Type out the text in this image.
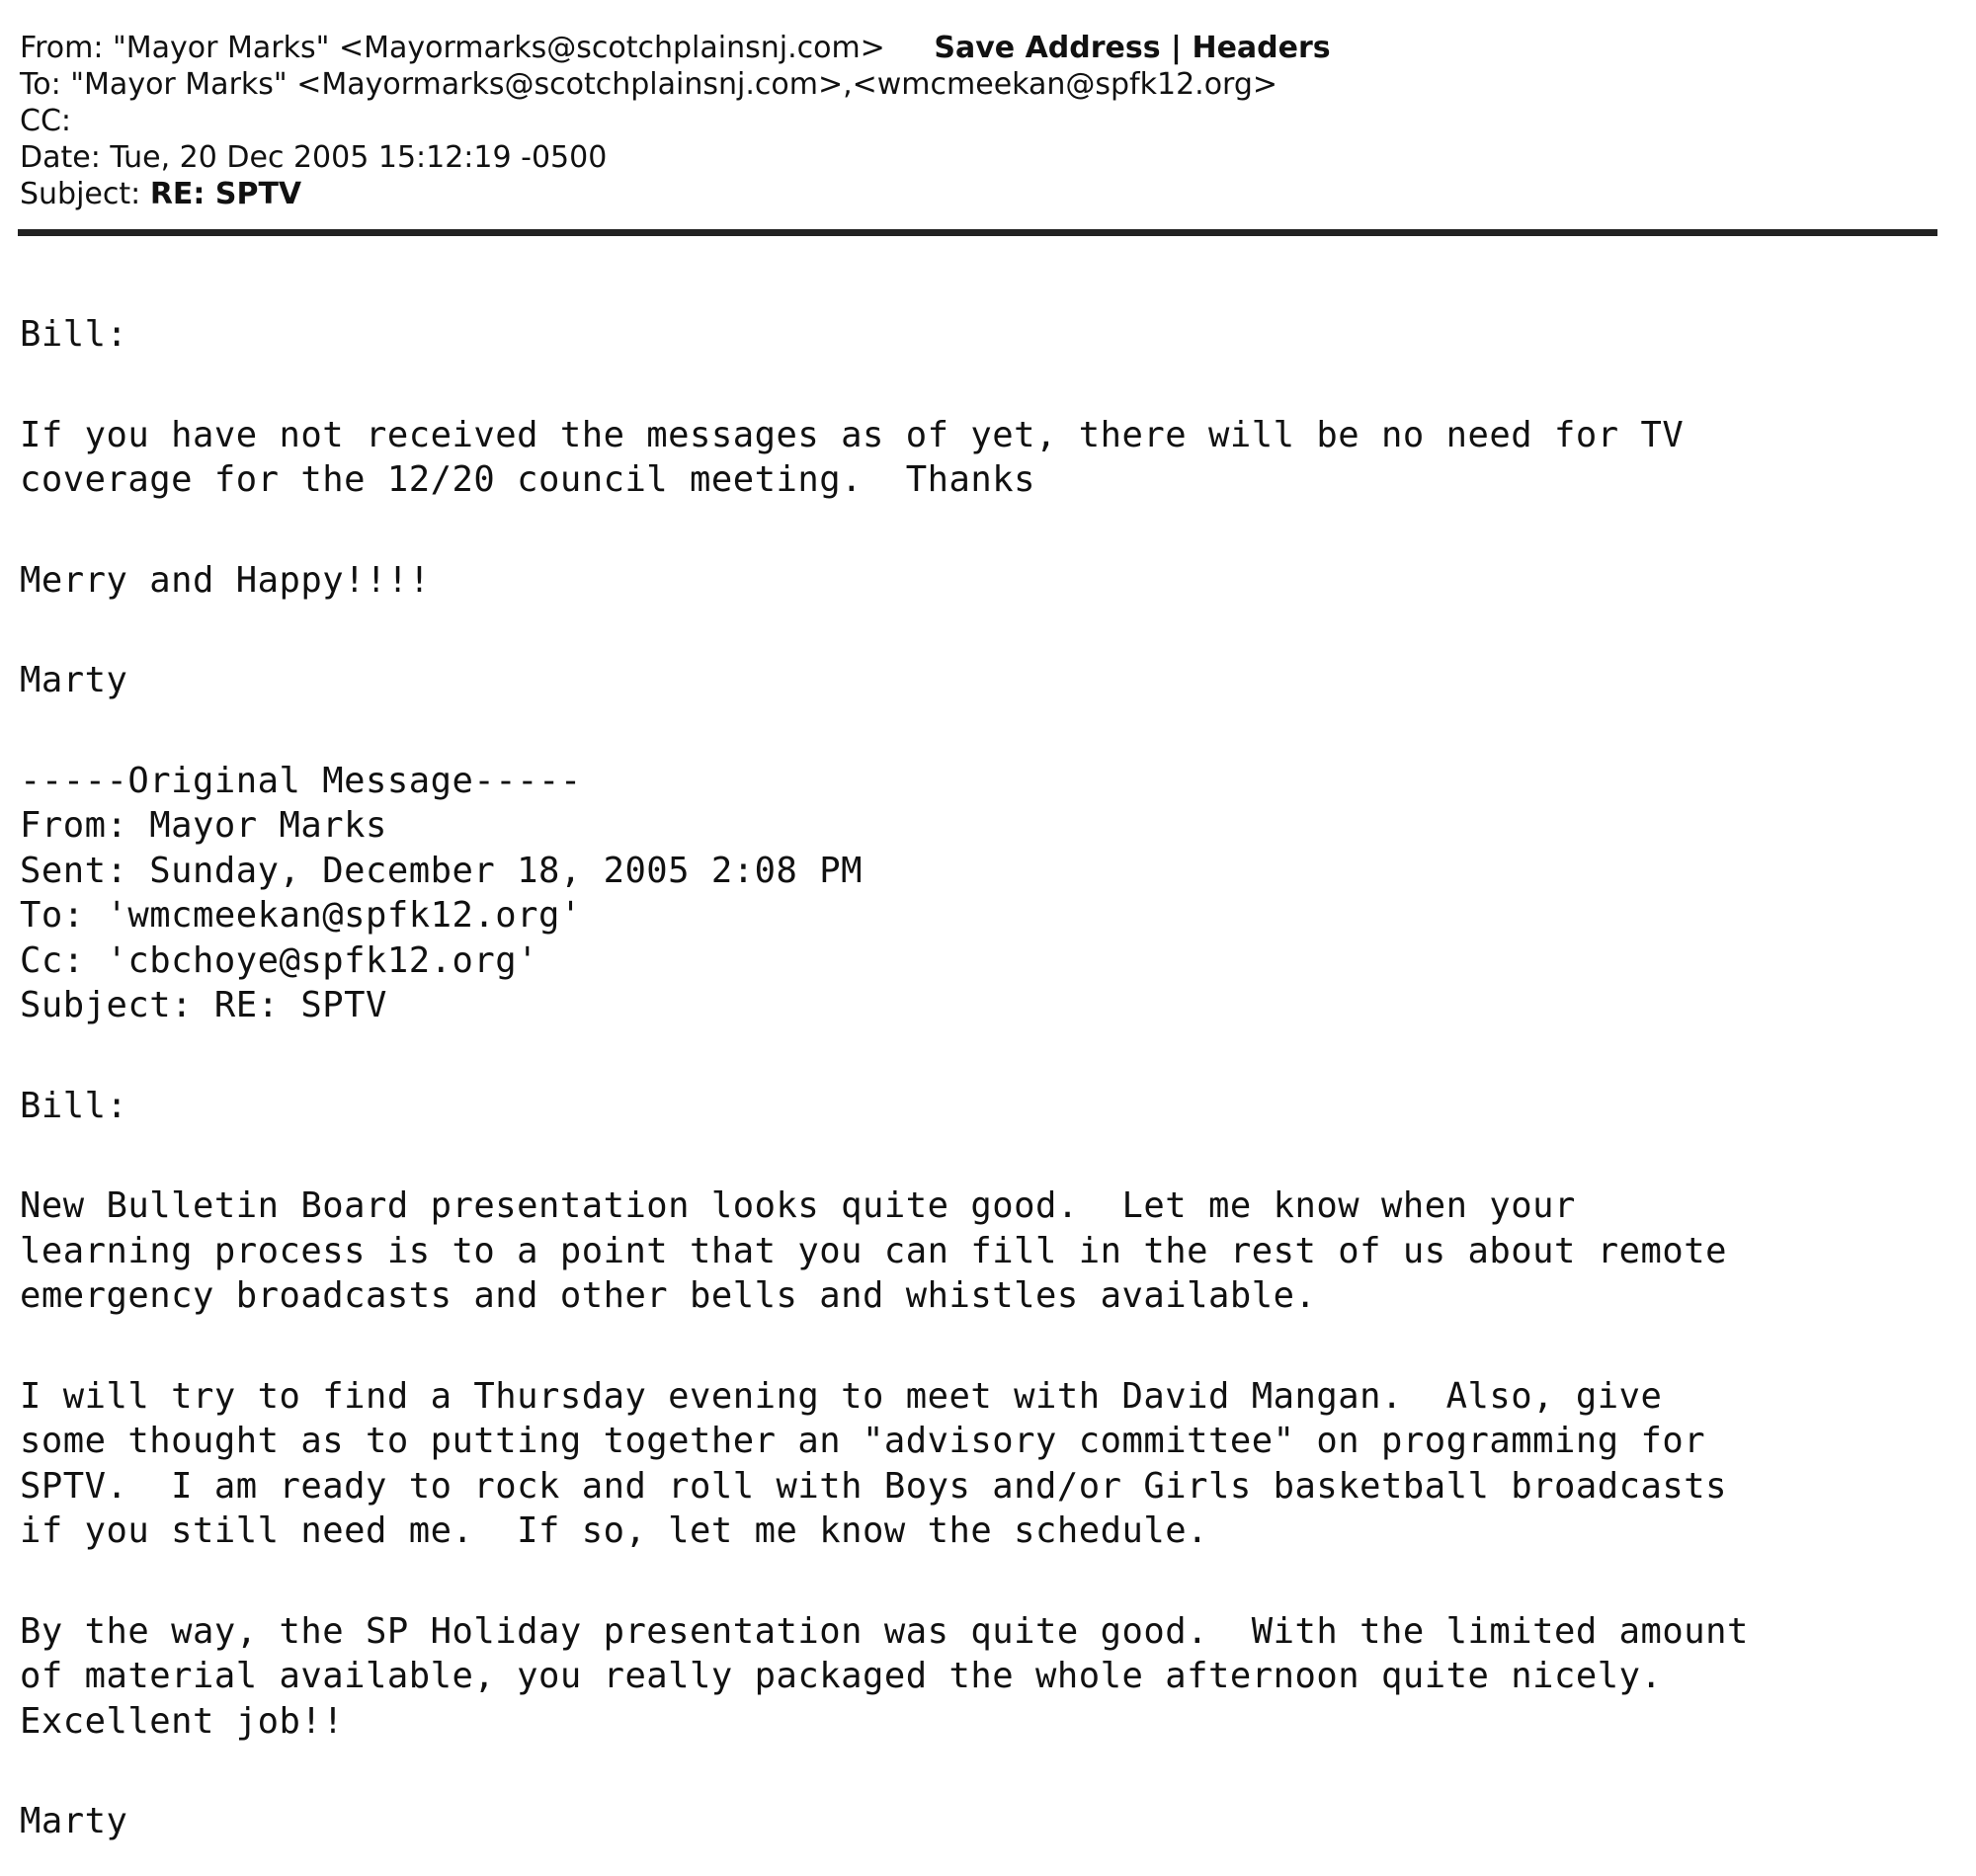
From: "Mayor Marks" <Mayormarks@scotchplainsnj.com> Save Address | Headers
To: "Mayor Marks" <Mayormarks@scotchplainsnj.com>,<wmcmeekan@spfk12.org>
CC:
Date: Tue, 20 Dec 2005 15:12:19 -0500
Subject: RE: SPTV
Bill:
If you have not received the messages as of yet, there will be no need for TV
coverage for the 12/20 council meeting.  Thanks
Merry and Happy!!!!
Marty
-----Original Message-----
From: Mayor Marks
Sent: Sunday, December 18, 2005 2:08 PM
To: 'wmcmeekan@spfk12.org'
Cc: 'cbchoye@spfk12.org'
Subject: RE: SPTV
Bill:
New Bulletin Board presentation looks quite good.  Let me know when your
learning process is to a point that you can fill in the rest of us about remote
emergency broadcasts and other bells and whistles available.
I will try to find a Thursday evening to meet with David Mangan.  Also, give
some thought as to putting together an "advisory committee" on programming for
SPTV.  I am ready to rock and roll with Boys and/or Girls basketball broadcasts
if you still need me.  If so, let me know the schedule.
By the way, the SP Holiday presentation was quite good.  With the limited amount
of material available, you really packaged the whole afternoon quite nicely.
Excellent job!!
Marty
